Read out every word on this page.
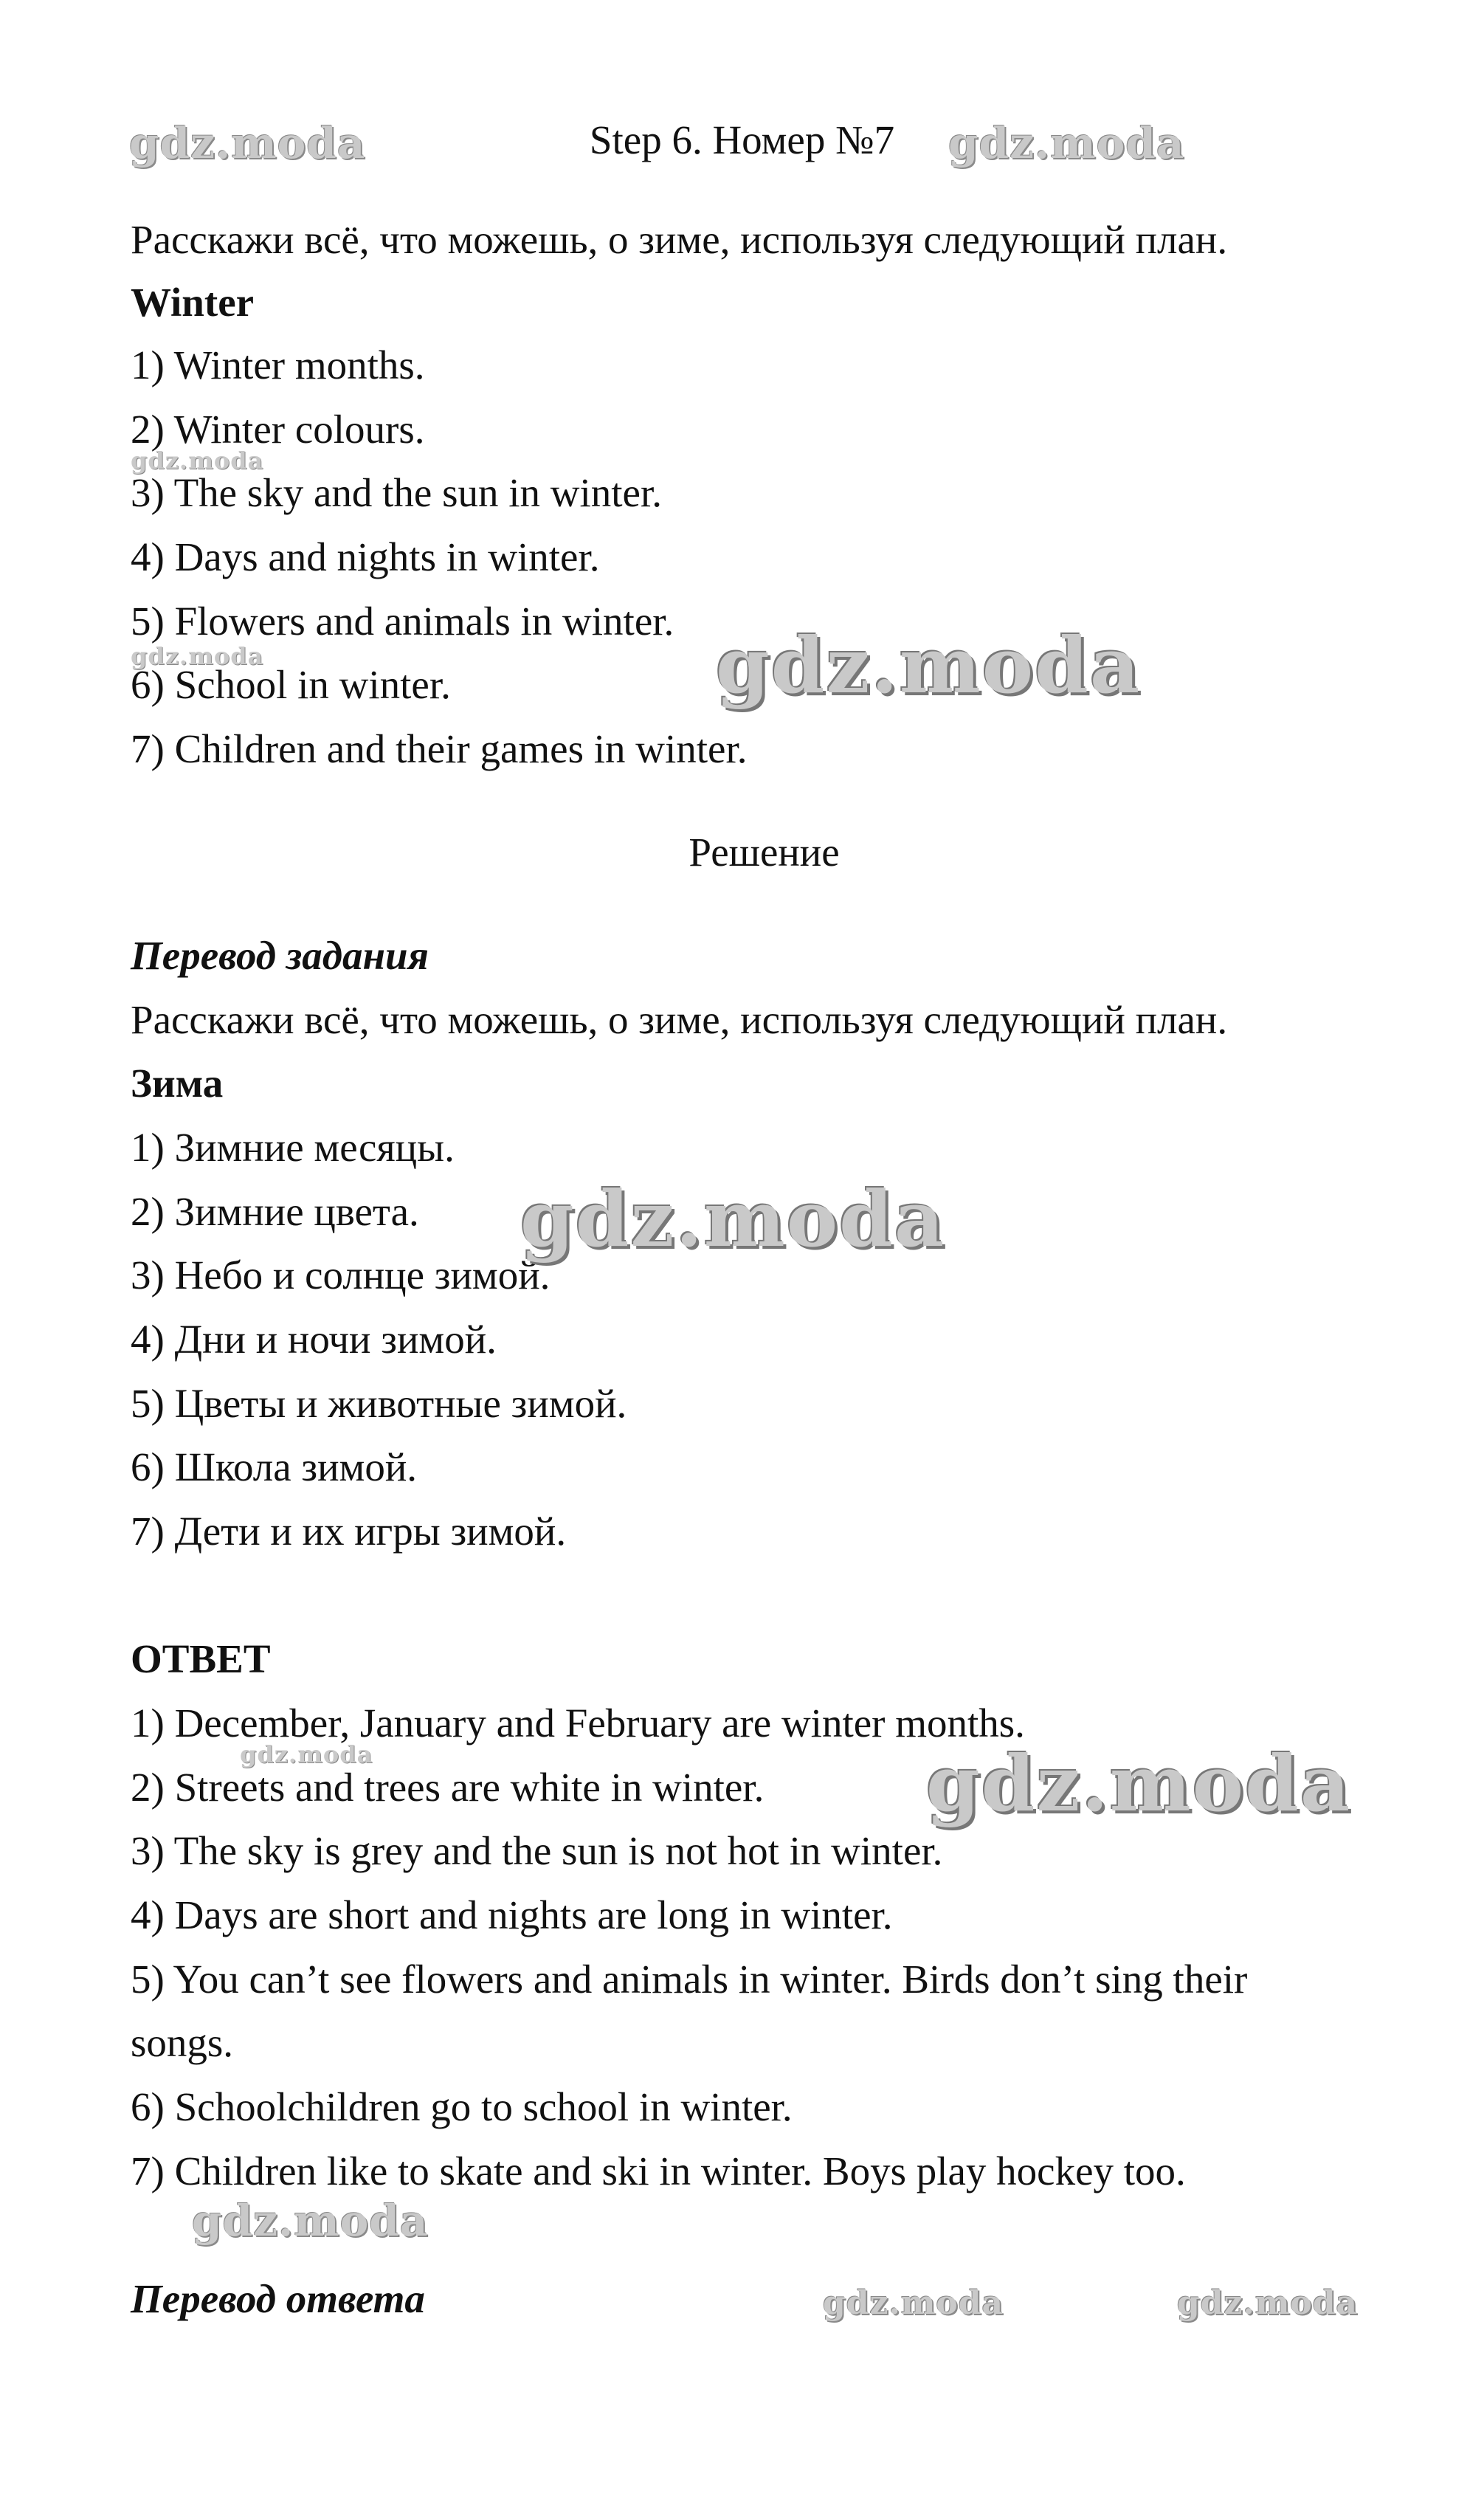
Step 6. Номер №7
Расскажи всё, что можешь, о зиме, используя следующий план.
Winter
1) Winter months.
2) Winter colours.
3) The sky and the sun in winter.
4) Days and nights in winter.
5) Flowers and animals in winter.
6) School in winter.
7) Children and their games in winter.
Решение
Перевод задания
Расскажи всё, что можешь, о зиме, используя следующий план.
Зима
1) Зимние месяцы.
2) Зимние цвета.
3) Небо и солнце зимой.
4) Дни и ночи зимой.
5) Цветы и животные зимой.
6) Школа зимой.
7) Дети и их игры зимой.
ОТВЕТ
1) December, January and February are winter months.
2) Streets and trees are white in winter.
3) The sky is grey and the sun is not hot in winter.
4) Days are short and nights are long in winter.
5) You can’t see flowers and animals in winter. Birds don’t sing their
songs.
6) Schoolchildren go to school in winter.
7) Children like to skate and ski in winter. Boys play hockey too.
Перевод ответа
gdz.moda	gdz.moda
gdz.moda
gdz.moda	gdz.moda
gdz.moda
gdz.moda	gdz.moda
gdz.moda
gdz.moda	gdz.moda
